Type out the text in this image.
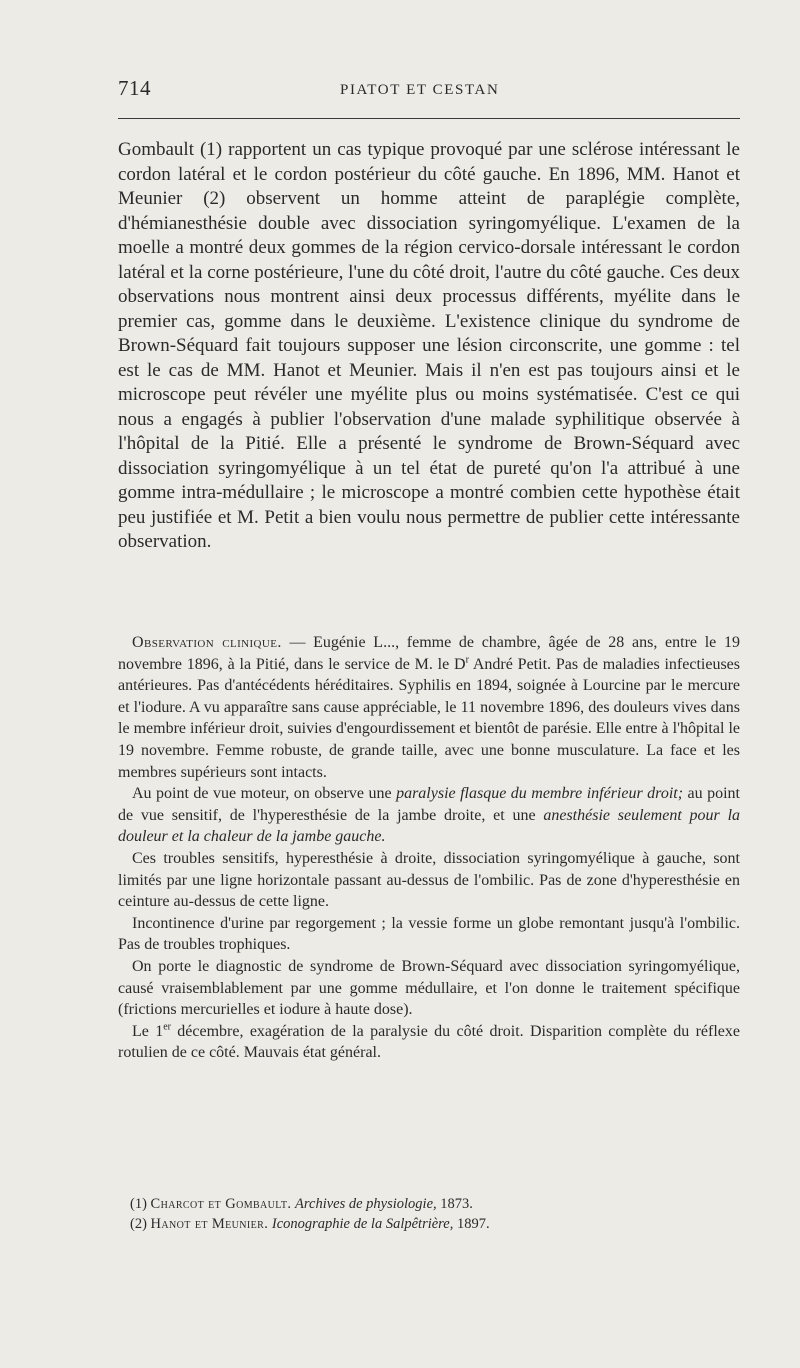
714	PIATOT ET CESTAN

Gombault (1) rapportent un cas typique provoqué par une sclérose intéressant le cordon latéral et le cordon postérieur du côté gauche. En 1896, MM. Hanot et Meunier (2) observent un homme atteint de paraplégie complète, d'hémianesthésie double avec dissociation syringomyélique. L'examen de la moelle a montré deux gommes de la région cervico-dorsale intéressant le cordon latéral et la corne postérieure, l'une du côté droit, l'autre du côté gauche. Ces deux observations nous montrent ainsi deux processus différents, myélite dans le premier cas, gomme dans le deuxième. L'existence clinique du syndrome de Brown-Séquard fait toujours supposer une lésion circonscrite, une gomme : tel est le cas de MM. Hanot et Meunier. Mais il n'en est pas toujours ainsi et le microscope peut révéler une myélite plus ou moins systématisée. C'est ce qui nous a engagés à publier l'observation d'une malade syphilitique observée à l'hôpital de la Pitié. Elle a présenté le syndrome de Brown-Séquard avec dissociation syringomyélique à un tel état de pureté qu'on l'a attribué à une gomme intra-médullaire ; le microscope a montré combien cette hypothèse était peu justifiée et M. Petit a bien voulu nous permettre de publier cette intéressante observation.

Observation clinique. — Eugénie L..., femme de chambre, âgée de 28 ans, entre le 19 novembre 1896, à la Pitié, dans le service de M. le $D^r$ André Petit. Pas de maladies infectieuses antérieures. Pas d'antécédents héréditaires. Syphilis en 1894, soignée à Lourcine par le mercure et l'iodure. A vu apparaître sans cause appréciable, le 11 novembre 1896, des douleurs vives dans le membre inférieur droit, suivies d'engourdissement et bientôt de parésie. Elle entre à l'hôpital le 19 novembre. Femme robuste, de grande taille, avec une bonne musculature. La face et les membres supérieurs sont intacts.

Au point de vue moteur, on observe une paralysie flasque du membre inférieur droit; au point de vue sensitif, de l'hyperesthésie de la jambe droite, et une anesthésie seulement pour la douleur et la chaleur de la jambe gauche.

Ces troubles sensitifs, hyperesthésie à droite, dissociation syringomyélique à gauche, sont limités par une ligne horizontale passant au-dessus de l'ombilic. Pas de zone d'hyperesthésie en ceinture au-dessus de cette ligne.

Incontinence d'urine par regorgement ; la vessie forme un globe remontant jusqu'à l'ombilic. Pas de troubles trophiques.

On porte le diagnostic de syndrome de Brown-Séquard avec dissociation syringomyélique, causé vraisemblablement par une gomme médullaire, et l'on donne le traitement spécifique (frictions mercurielles et iodure à haute dose).

Le 1er décembre, exagération de la paralysie du côté droit. Disparition complète du réflexe rotulien de ce côté. Mauvais état général.

(1) Charcot et Gombault. Archives de physiologie, 1873.

(2) Hanot et Meunier. Iconographie de la Salpêtrière, 1897.
